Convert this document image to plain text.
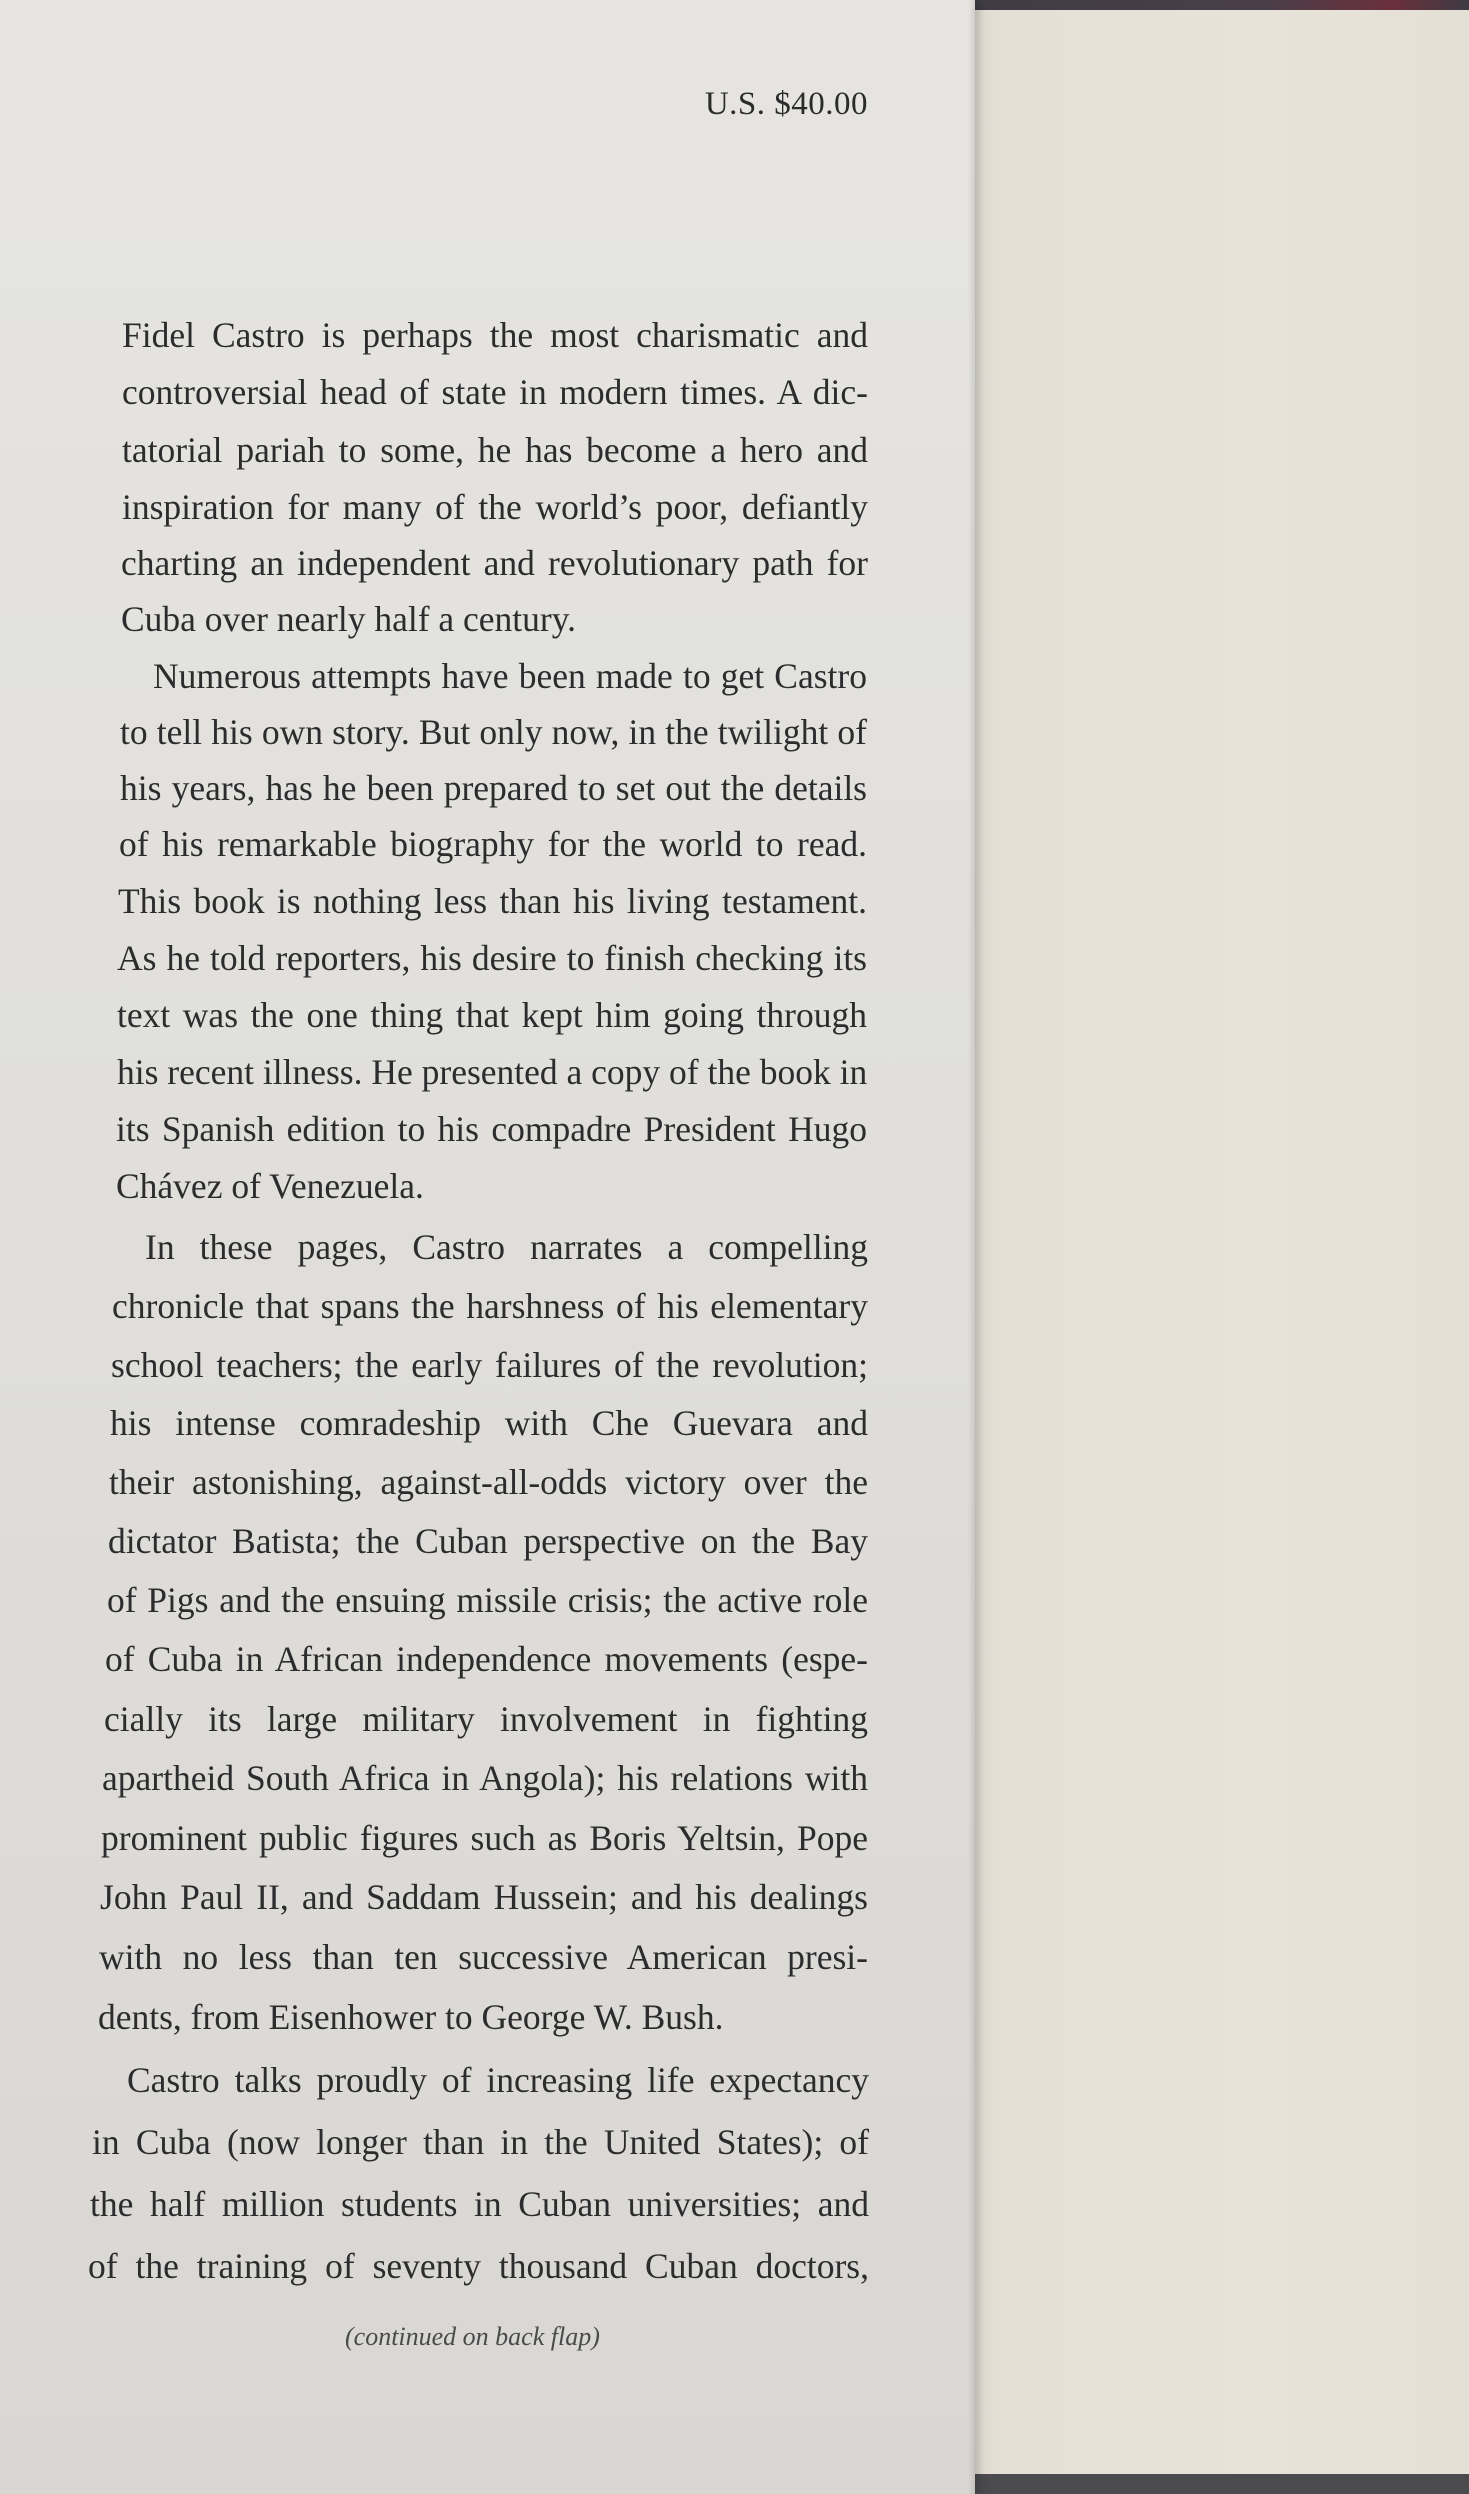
U.S. $40.00

Fidel Castro is perhaps the most charismatic and

controversial head of state in modern times. A dic-

tatorial pariah to some, he has become a hero and

inspiration for many of the world’s poor, defiantly

charting an independent and revolutionary path for

Cuba over nearly half a century.

Numerous attempts have been made to get Castro

to tell his own story. But only now, in the twilight of

his years, has he been prepared to set out the details

of his remarkable biography for the world to read.

This book is nothing less than his living testament.

As he told reporters, his desire to finish checking its

text was the one thing that kept him going through

his recent illness. He presented a copy of the book in

its Spanish edition to his compadre President Hugo

Chávez of Venezuela.

In these pages, Castro narrates a compelling

chronicle that spans the harshness of his elementary

school teachers; the early failures of the revolution;

his intense comradeship with Che Guevara and

their astonishing, against-all-odds victory over the

dictator Batista; the Cuban perspective on the Bay

of Pigs and the ensuing missile crisis; the active role

of Cuba in African independence movements (espe-

cially its large military involvement in fighting

apartheid South Africa in Angola); his relations with

prominent public figures such as Boris Yeltsin, Pope

John Paul II, and Saddam Hussein; and his dealings

with no less than ten successive American presi-

dents, from Eisenhower to George W. Bush.

Castro talks proudly of increasing life expectancy

in Cuba (now longer than in the United States); of

the half million students in Cuban universities; and

of the training of seventy thousand Cuban doctors,

(continued on back flap)
